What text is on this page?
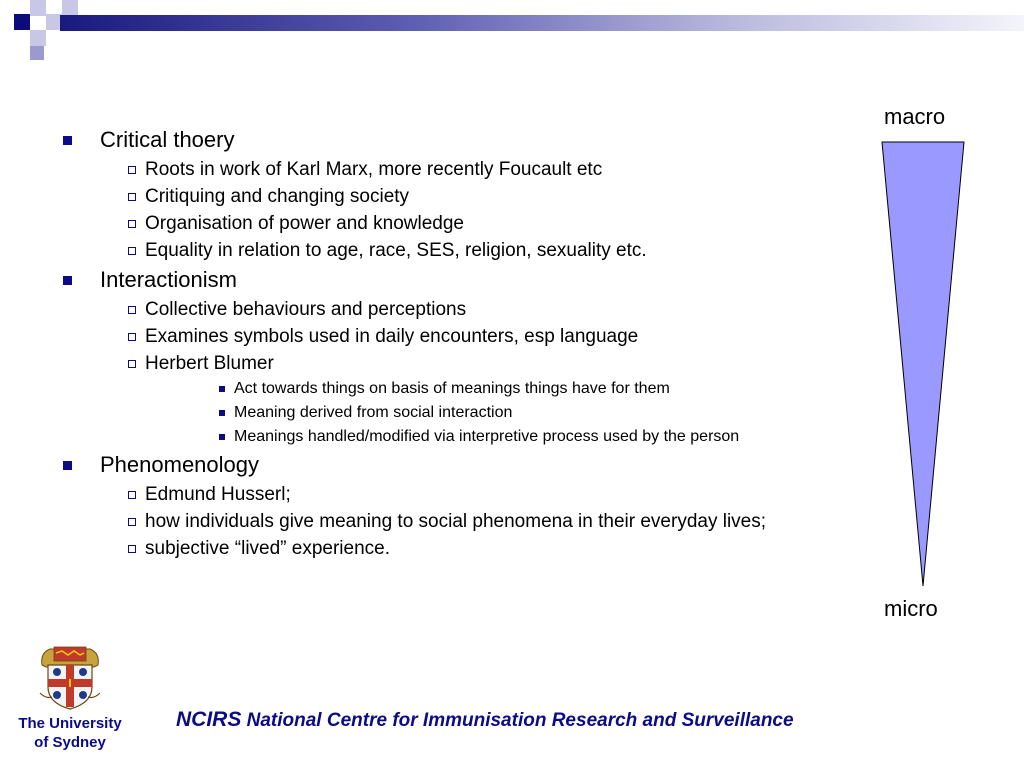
Critical thoery
Roots in work of Karl Marx, more recently Foucault etc
Critiquing and changing society
Organisation of power and knowledge
Equality in relation to age, race, SES, religion, sexuality etc.
Interactionism
Collective behaviours and perceptions
Examines symbols used in daily encounters, esp language
Herbert Blumer
Act towards things on basis of meanings things have for them
Meaning derived from social interaction
Meanings handled/modified via interpretive process used by the person
Phenomenology
Edmund Husserl;
how individuals give meaning to social phenomena in their everyday lives;
subjective “lived” experience.
macro
micro
The University
of Sydney
NCIRS National Centre for Immunisation Research and Surveillance
